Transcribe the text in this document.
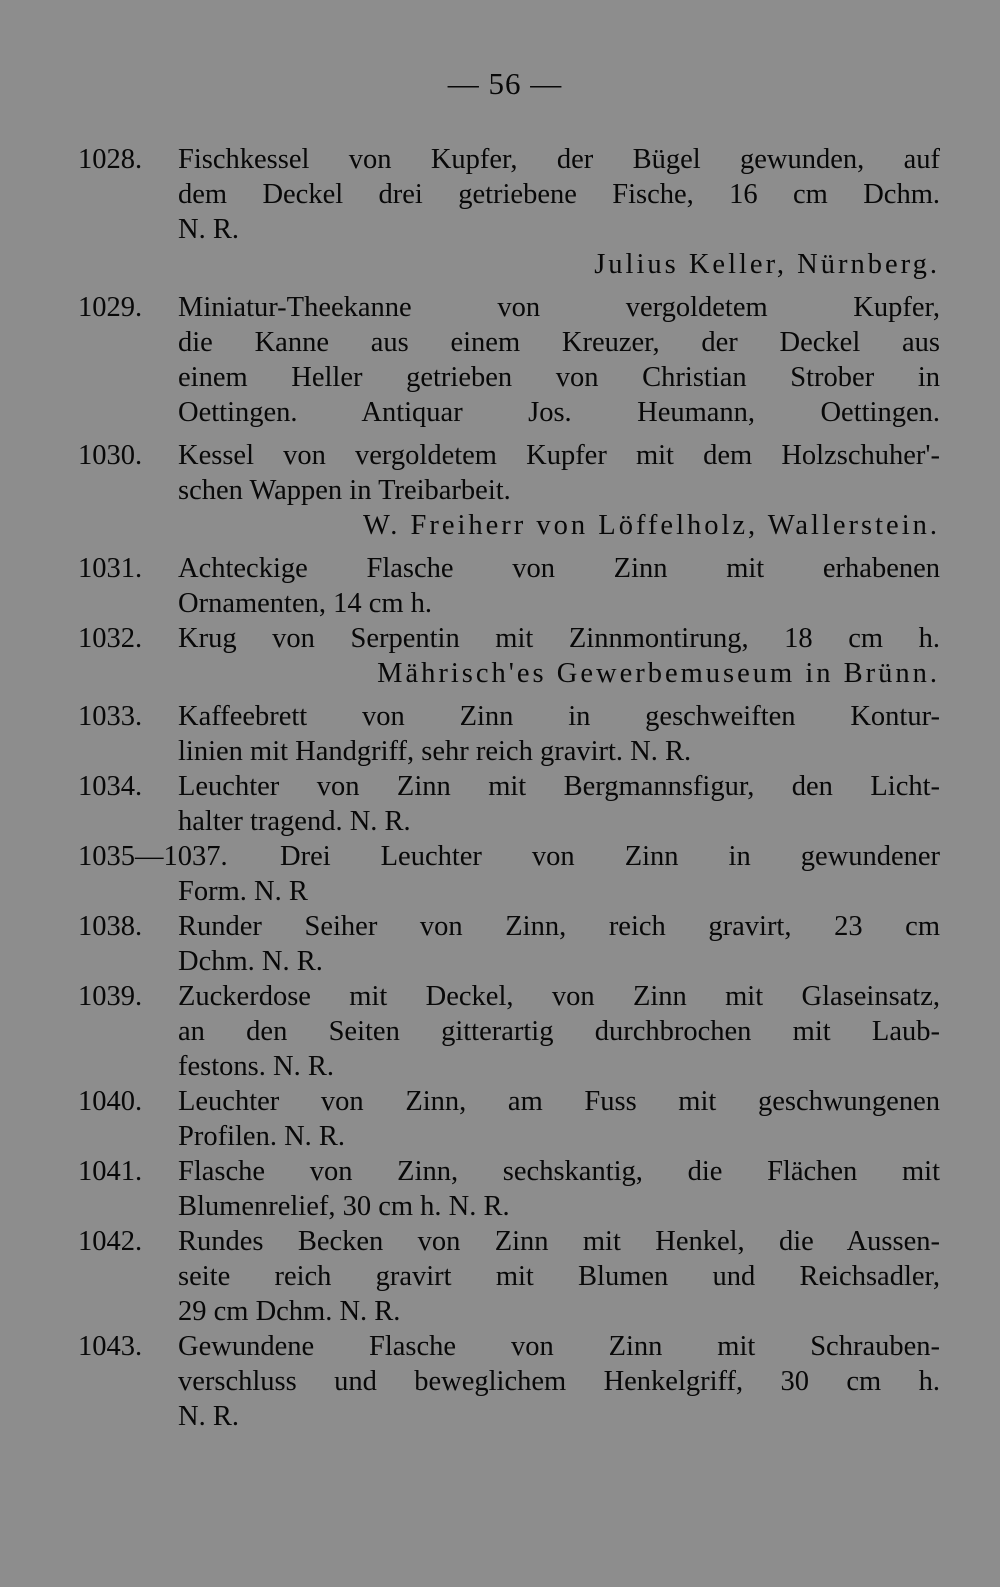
— 56 —
1028. Fischkessel von Kupfer, der Bügel gewunden, auf
dem Deckel drei getriebene Fische, 16 cm Dchm.
N. R.
Julius Keller, Nürnberg.
1029. Miniatur-Theekanne von vergoldetem Kupfer,
die Kanne aus einem Kreuzer, der Deckel aus
einem Heller getrieben von Christian Strober in
Oettingen. Antiquar Jos. Heumann, Oettingen.
1030. Kessel von vergoldetem Kupfer mit dem Holzschuher'-
schen Wappen in Treibarbeit.
W. Freiherr von Löffelholz, Wallerstein.
1031. Achteckige Flasche von Zinn mit erhabenen
Ornamenten, 14 cm h.
1032. Krug von Serpentin mit Zinnmontirung, 18 cm h.
Mährisch'es Gewerbemuseum in Brünn.
1033. Kaffeebrett von Zinn in geschweiften Kontur-
linien mit Handgriff, sehr reich gravirt. N. R.
1034. Leuchter von Zinn mit Bergmannsfigur, den Licht-
halter tragend. N. R.
1035—1037.	Drei Leuchter von Zinn in gewundener
Form. N. R
1038. Runder Seiher von Zinn, reich gravirt, 23 cm
Dchm. N. R.
1039. Zuckerdose mit Deckel, von Zinn mit Glaseinsatz,
an den Seiten gitterartig durchbrochen mit Laub-
festons. N. R.
1040. Leuchter von Zinn, am Fuss mit geschwungenen
Profilen. N. R.
1041. Flasche von Zinn, sechskantig, die Flächen mit
Blumenrelief, 30 cm h. N. R.
1042. Rundes Becken von Zinn mit Henkel, die Aussen-
seite reich gravirt mit Blumen und Reichsadler,
29 cm Dchm. N. R.
1043. Gewundene Flasche von Zinn mit Schrauben-
verschluss und beweglichem Henkelgriff, 30 cm h.
N. R.
